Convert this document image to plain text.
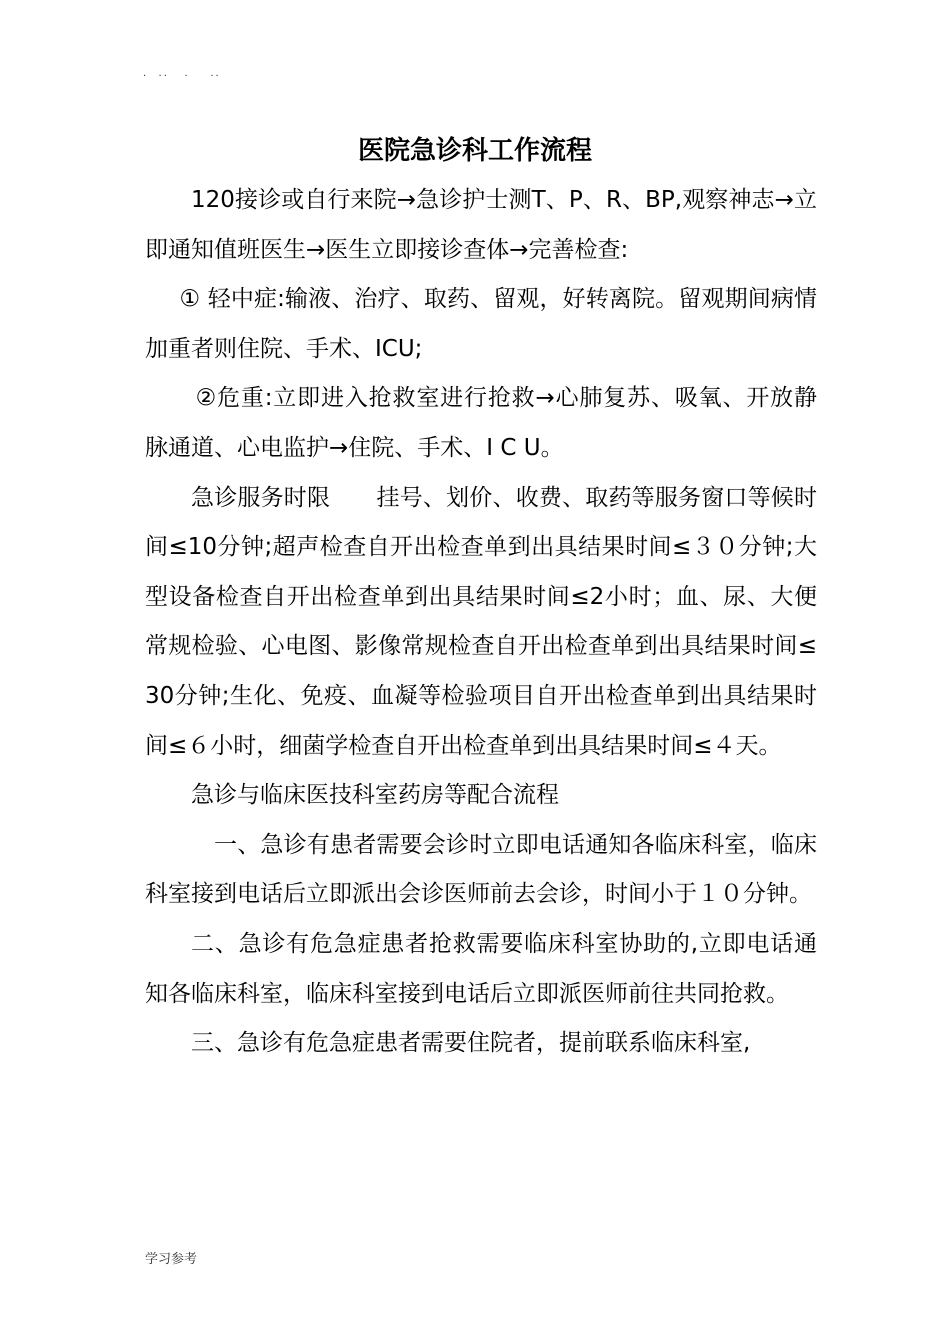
.  ..   .    ..
医院急诊科工作流程

120接诊或自行来院→急诊护士测T、P、R、BP,观察神志→立即通知值班医生→医生立即接诊查体→完善检查:

① 轻中症:输液、治疗、取药、留观，好转离院。留观期间病情加重者则住院、手术、ICU;

②危重:立即进入抢救室进行抢救→心肺复苏、吸氧、开放静脉通道、心电监护→住院、手术、I C U。

急诊服务时限　　挂号、划价、收费、取药等服务窗口等候时间≤10分钟;超声检查自开出检查单到出具结果时间≤３０分钟;大型设备检查自开出检查单到出具结果时间≤2小时；血、尿、大便常规检验、心电图、影像常规检查自开出检查单到出具结果时间≤30分钟;生化、免疫、血凝等检验项目自开出检查单到出具结果时间≤６小时，细菌学检查自开出检查单到出具结果时间≤４天。

急诊与临床医技科室药房等配合流程

一、急诊有患者需要会诊时立即电话通知各临床科室，临床科室接到电话后立即派出会诊医师前去会诊，时间小于１０分钟。

二、急诊有危急症患者抢救需要临床科室协助的,立即电话通知各临床科室，临床科室接到电话后立即派医师前往共同抢救。

三、急诊有危急症患者需要住院者，提前联系临床科室,

学习参考
